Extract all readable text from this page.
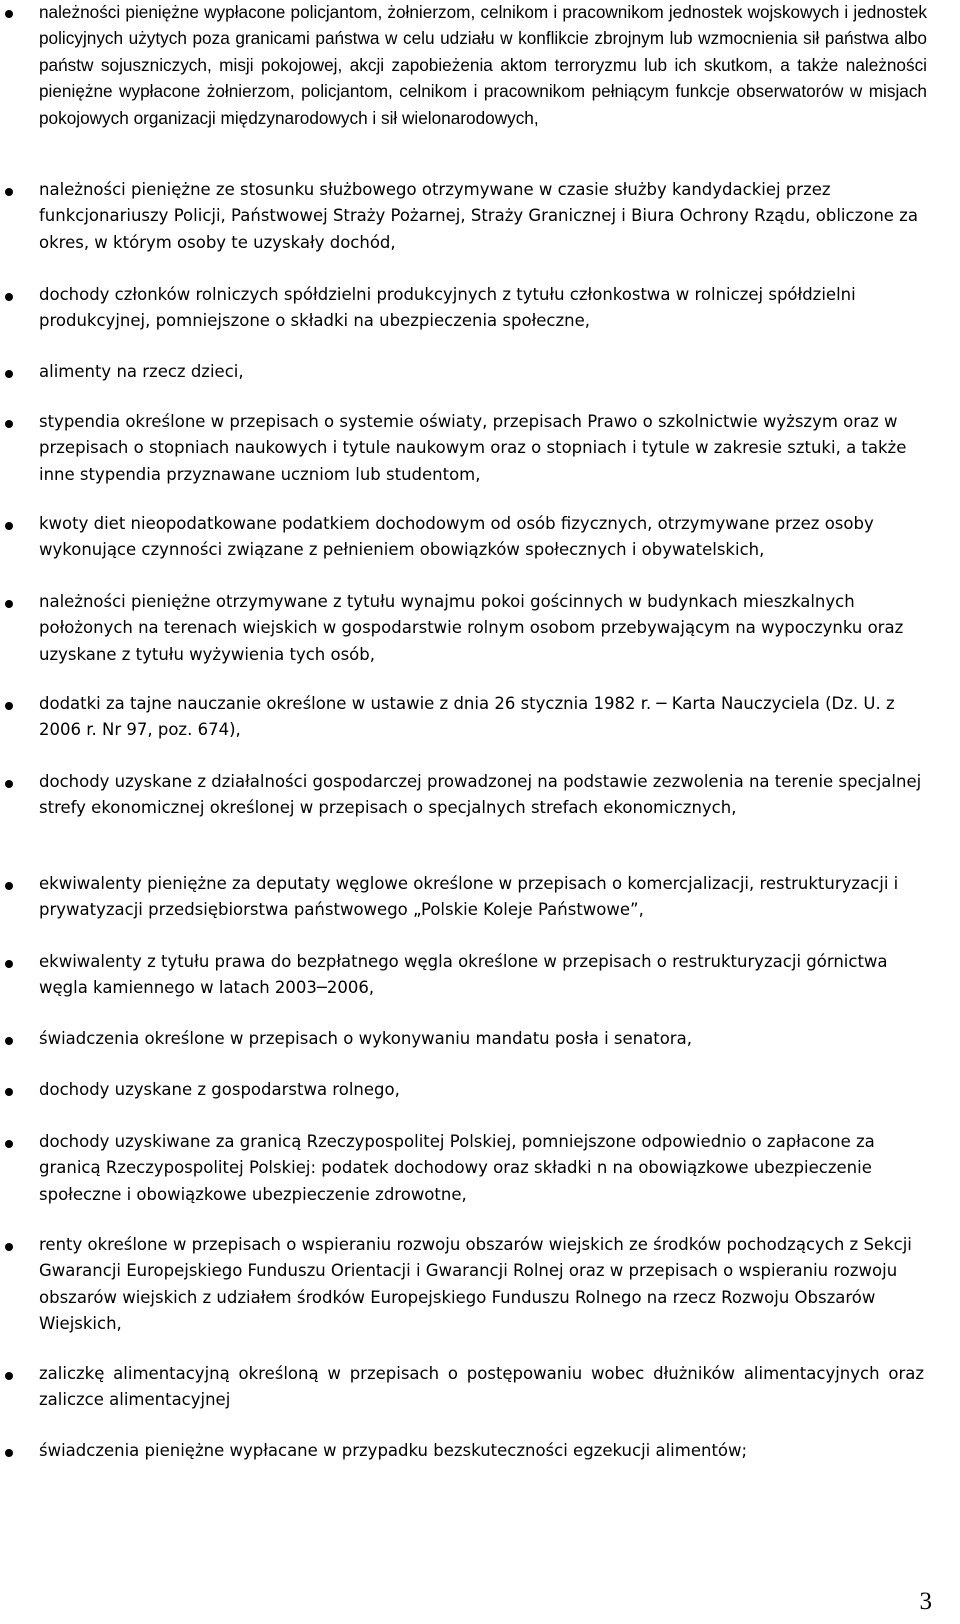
należności pieniężne wypłacone policjantom, żołnierzom, celnikom i pracownikom jednostek wojskowych i jednostek policyjnych użytych poza granicami państwa w celu udziału w konflikcie zbrojnym lub wzmocnienia sił państwa albo państw sojuszniczych, misji pokojowej, akcji zapobieżenia aktom terroryzmu lub ich skutkom, a także należności pieniężne wypłacone żołnierzom, policjantom, celnikom i pracownikom pełniącym funkcje obserwatorów w misjach pokojowych organizacji międzynarodowych i sił wielonarodowych,
należności pieniężne ze stosunku służbowego otrzymywane w czasie służby kandydackiej przez funkcjonariuszy Policji, Państwowej Straży Pożarnej, Straży Granicznej i Biura Ochrony Rządu, obliczone za okres, w którym osoby te uzyskały dochód,
dochody członków rolniczych spółdzielni produkcyjnych z tytułu członkostwa w rolniczej spółdzielni produkcyjnej, pomniejszone o składki na ubezpieczenia społeczne,
alimenty na rzecz dzieci,
stypendia określone w przepisach o systemie oświaty, przepisach Prawo o szkolnictwie wyższym oraz w przepisach o stopniach naukowych i tytule naukowym oraz o stopniach i tytule w zakresie sztuki, a także inne stypendia przyznawane uczniom lub studentom,
kwoty diet nieopodatkowane podatkiem dochodowym od osób fizycznych, otrzymywane przez osoby wykonujące czynności związane z pełnieniem obowiązków społecznych i obywatelskich,
należności pieniężne otrzymywane z tytułu wynajmu pokoi gościnnych w budynkach mieszkalnych położonych na terenach wiejskich w gospodarstwie rolnym osobom przebywającym na wypoczynku oraz uzyskane z tytułu wyżywienia tych osób,
dodatki za tajne nauczanie określone w ustawie z dnia 26 stycznia 1982 r. ─ Karta Nauczyciela (Dz. U. z 2006 r. Nr 97, poz. 674),
dochody uzyskane z działalności gospodarczej prowadzonej na podstawie zezwolenia na terenie specjalnej strefy ekonomicznej określonej w przepisach o specjalnych strefach ekonomicznych,
ekwiwalenty pieniężne za deputaty węglowe określone w przepisach o komercjalizacji, restrukturyzacji i prywatyzacji przedsiębiorstwa państwowego „Polskie Koleje Państwowe”,
ekwiwalenty z tytułu prawa do bezpłatnego węgla określone w przepisach o restrukturyzacji górnictwa węgla kamiennego w latach 2003─2006,
świadczenia określone w przepisach o wykonywaniu mandatu posła i senatora,
dochody uzyskane z gospodarstwa rolnego,
dochody uzyskiwane za granicą Rzeczypospolitej Polskiej, pomniejszone odpowiednio o zapłacone za granicą Rzeczypospolitej Polskiej: podatek dochodowy oraz składki n na obowiązkowe ubezpieczenie społeczne i obowiązkowe ubezpieczenie zdrowotne,
renty określone w przepisach o wspieraniu rozwoju obszarów wiejskich ze środków pochodzących z Sekcji Gwarancji Europejskiego Funduszu Orientacji i Gwarancji Rolnej oraz w przepisach o wspieraniu rozwoju obszarów wiejskich z udziałem środków Europejskiego Funduszu Rolnego na rzecz Rozwoju Obszarów Wiejskich,
zaliczkę alimentacyjną określoną w przepisach o postępowaniu wobec dłużników alimentacyjnych oraz zaliczce alimentacyjnej
świadczenia pieniężne wypłacane w przypadku bezskuteczności egzekucji alimentów;
3
